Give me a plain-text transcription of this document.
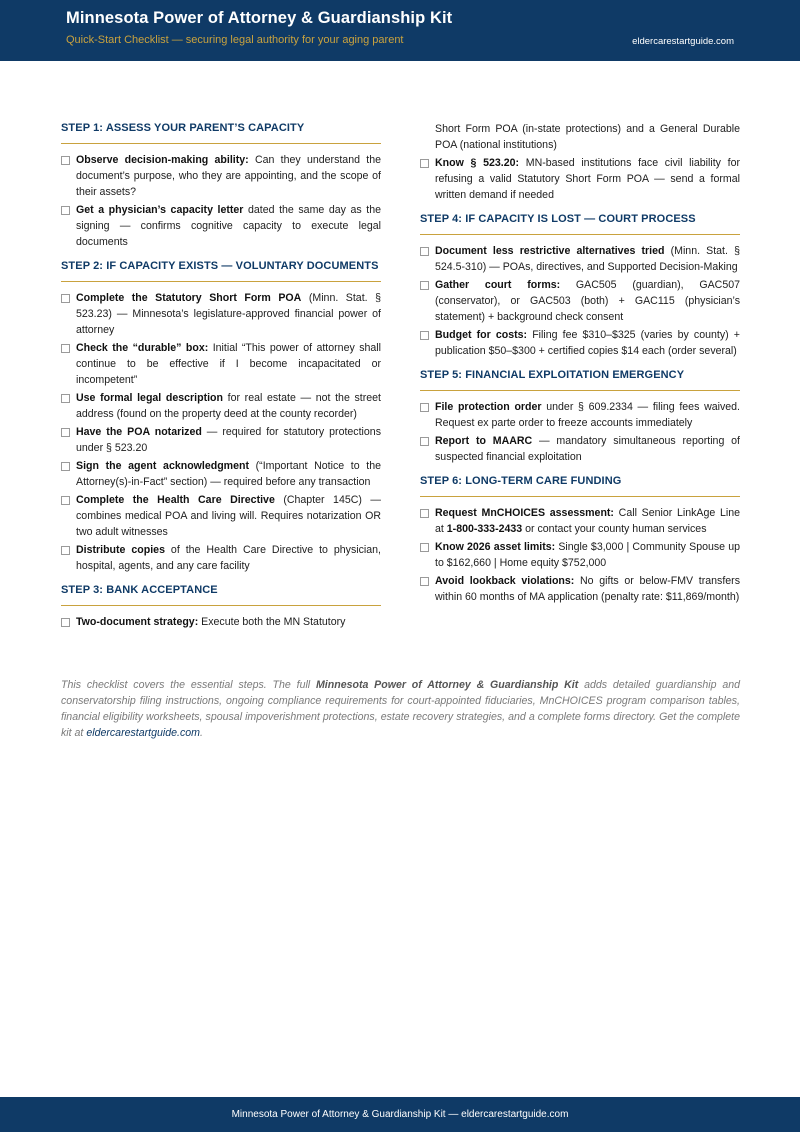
Minnesota Power of Attorney & Guardianship Kit
Quick-Start Checklist — securing legal authority for your aging parent	eldercarestartguide.com
STEP 1: ASSESS YOUR PARENT’S CAPACITY
Observe decision-making ability: Can they understand the document’s purpose, who they are appointing, and the scope of their assets?
Get a physician’s capacity letter dated the same day as the signing — confirms cognitive capacity to execute legal documents
STEP 2: IF CAPACITY EXISTS — VOLUNTARY DOCUMENTS
Complete the Statutory Short Form POA (Minn. Stat. § 523.23) — Minnesota’s legislature-approved financial power of attorney
Check the “durable” box: Initial “This power of attorney shall continue to be effective if I become incapacitated or incompetent”
Use formal legal description for real estate — not the street address (found on the property deed at the county recorder)
Have the POA notarized — required for statutory protections under § 523.20
Sign the agent acknowledgment (“Important Notice to the Attorney(s)-in-Fact” section) — required before any transaction
Complete the Health Care Directive (Chapter 145C) — combines medical POA and living will. Requires notarization OR two adult witnesses
Distribute copies of the Health Care Directive to physician, hospital, agents, and any care facility
STEP 3: BANK ACCEPTANCE
Two-document strategy: Execute both the MN Statutory
Short Form POA (in-state protections) and a General Durable POA (national institutions)
Know § 523.20: MN-based institutions face civil liability for refusing a valid Statutory Short Form POA — send a formal written demand if needed
STEP 4: IF CAPACITY IS LOST — COURT PROCESS
Document less restrictive alternatives tried (Minn. Stat. § 524.5-310) — POAs, directives, and Supported Decision-Making
Gather court forms: GAC505 (guardian), GAC507 (conservator), or GAC503 (both) + GAC115 (physician’s statement) + background check consent
Budget for costs: Filing fee $310–$325 (varies by county) + publication $50–$300 + certified copies $14 each (order several)
STEP 5: FINANCIAL EXPLOITATION EMERGENCY
File protection order under § 609.2334 — filing fees waived. Request ex parte order to freeze accounts immediately
Report to MAARC — mandatory simultaneous reporting of suspected financial exploitation
STEP 6: LONG-TERM CARE FUNDING
Request MnCHOICES assessment: Call Senior LinkAge Line at 1-800-333-2433 or contact your county human services
Know 2026 asset limits: Single $3,000 | Community Spouse up to $162,660 | Home equity $752,000
Avoid lookback violations: No gifts or below-FMV transfers within 60 months of MA application (penalty rate: $11,869/month)
This checklist covers the essential steps. The full Minnesota Power of Attorney & Guardianship Kit adds detailed guardianship and conservatorship filing instructions, ongoing compliance requirements for court-appointed fiduciaries, MnCHOICES program comparison tables, financial eligibility worksheets, spousal impoverishment protections, estate recovery strategies, and a complete forms directory. Get the complete kit at eldercarestartguide.com.
Minnesota Power of Attorney & Guardianship Kit — eldercarestartguide.com
